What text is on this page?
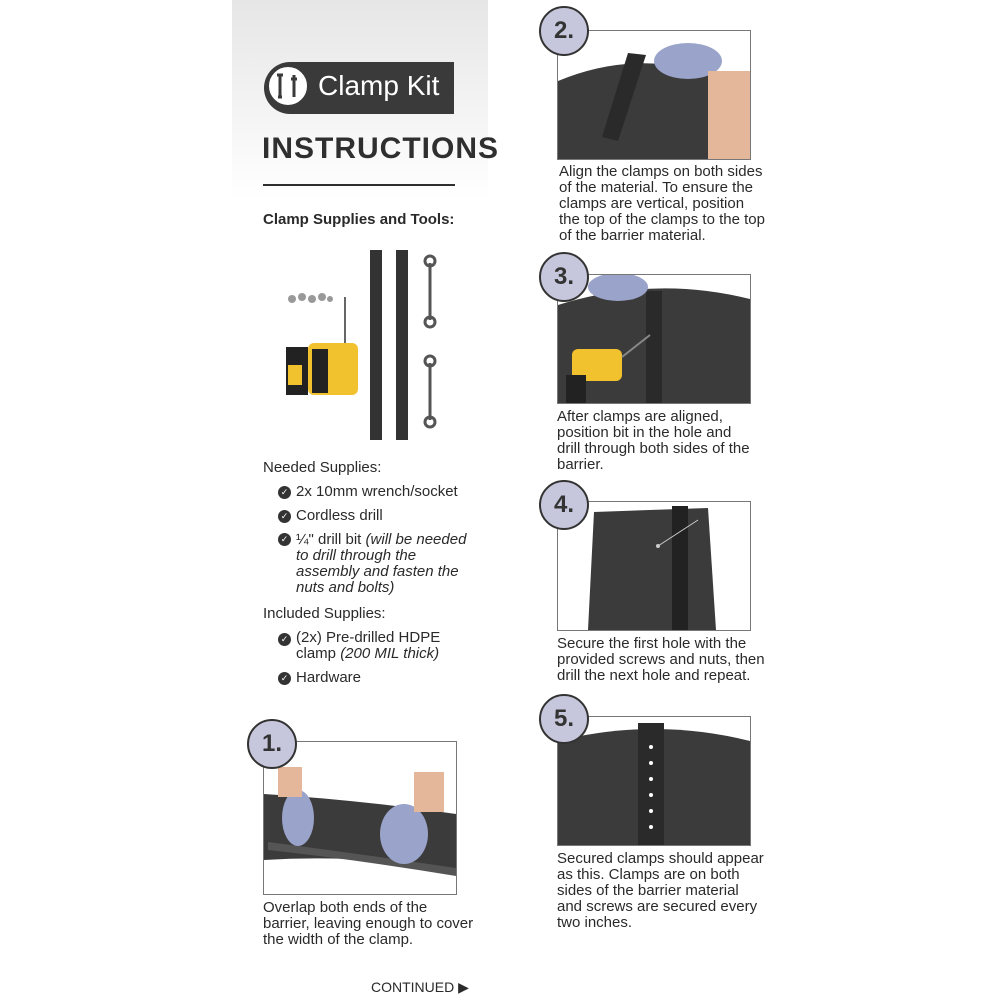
Clamp Kit
INSTRUCTIONS
Clamp Supplies and Tools:
Needed Supplies:
✓ 2x 10mm wrench/socket
✓ Cordless drill
✓ ¼" drill bit (will be needed
to drill through the
assembly and fasten the
nuts and bolts)
Included Supplies:
✓ (2x) Pre-drilled HDPE
clamp (200 MIL thick)
✓ Hardware
1.
Overlap both ends of the
barrier, leaving enough to cover
the width of the clamp.
2.
Align the clamps on both sides
of the material. To ensure the
clamps are vertical, position
the top of the clamps to the top
of the barrier material.
3.
After clamps are aligned,
position bit in the hole and
drill through both sides of the
barrier.
4.
Secure the first hole with the
provided screws and nuts, then
drill the next hole and repeat.
5.
Secured clamps should appear
as this. Clamps are on both
sides of the barrier material
and screws are secured every
two inches.
CONTINUED ▶
